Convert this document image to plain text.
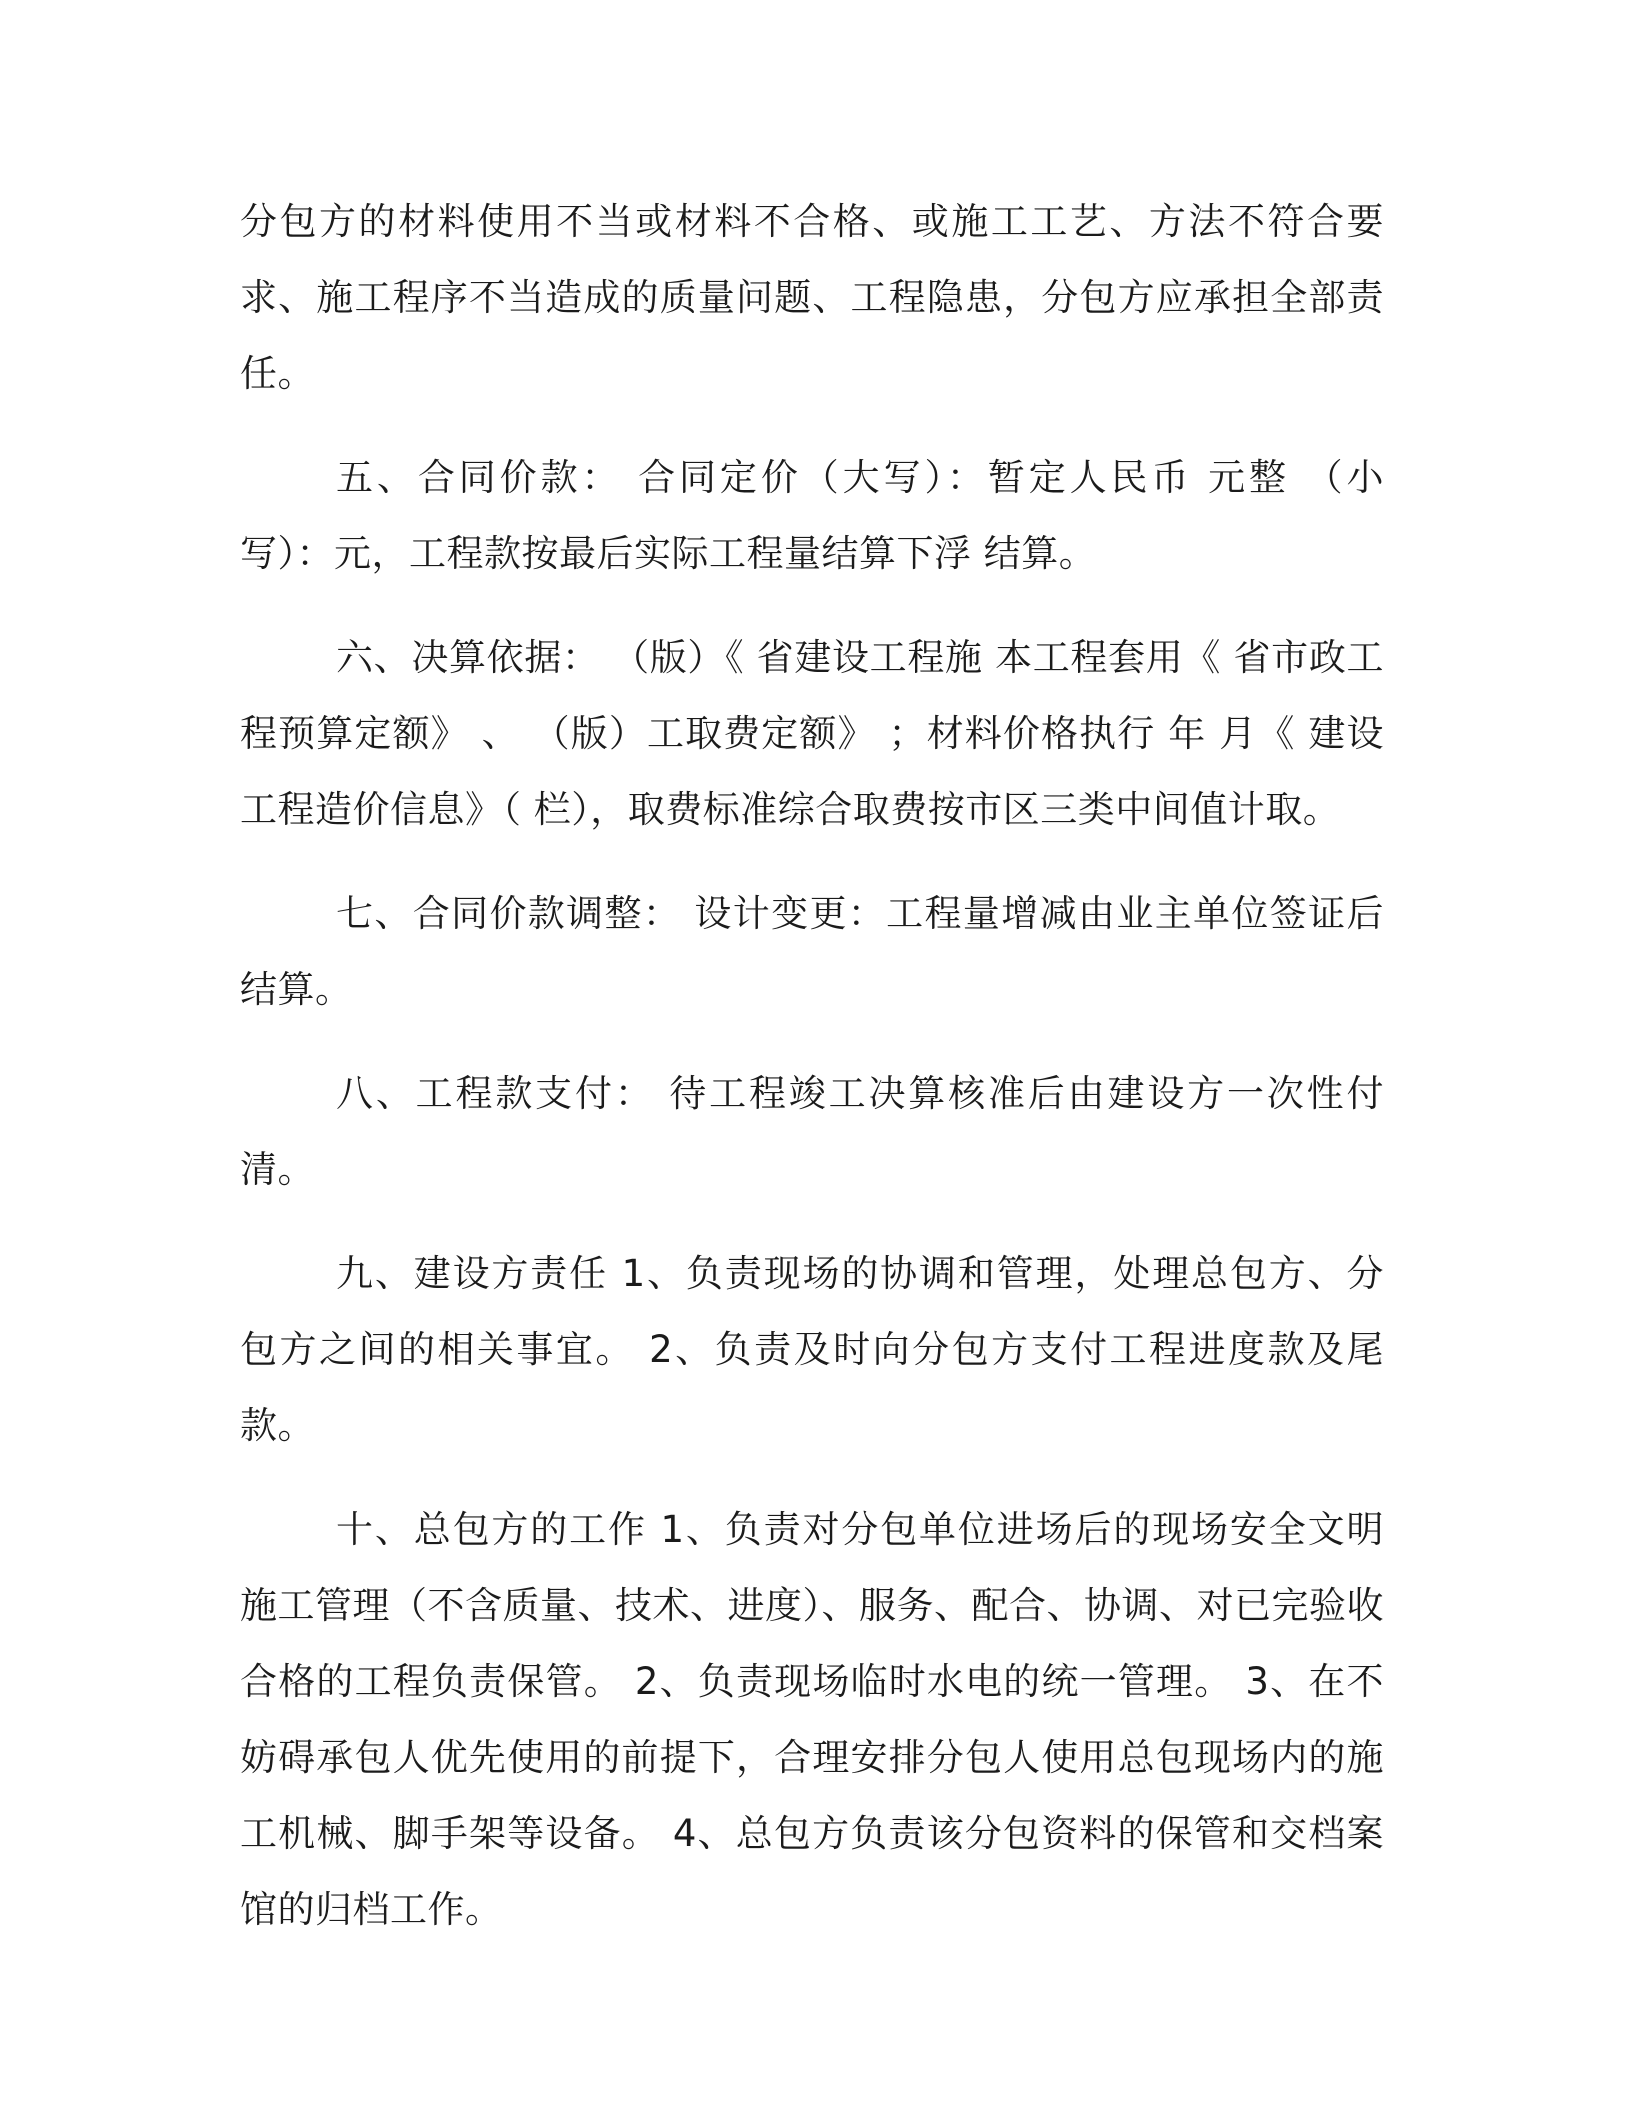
分包方的材料使用不当或材料不合格、或施工工艺、方法不符合要求、施工程序不当造成的质量问题、工程隐患，分包方应承担全部责任。

五、合同价款： 合同定价（大写）：暂定人民币 元整 （小写）：元，工程款按最后实际工程量结算下浮 结算。

六、决算依据： （版）《 省建设工程施 本工程套用《 省市政工程预算定额》 、 （版）工取费定额》 ；材料价格执行 年 月《 建设工程造价信息》（ 栏），取费标准综合取费按市区三类中间值计取。

七、合同价款调整： 设计变更：工程量增减由业主单位签证后结算。

八、工程款支付： 待工程竣工决算核准后由建设方一次性付清。

九、建设方责任 1、负责现场的协调和管理，处理总包方、分包方之间的相关事宜。 2、负责及时向分包方支付工程进度款及尾款。

十、总包方的工作 1、负责对分包单位进场后的现场安全文明施工管理（不含质量、技术、进度）、服务、配合、协调、对已完验收合格的工程负责保管。 2、负责现场临时水电的统一管理。 3、在不妨碍承包人优先使用的前提下，合理安排分包人使用总包现场内的施工机械、脚手架等设备。 4、总包方负责该分包资料的保管和交档案馆的归档工作。
